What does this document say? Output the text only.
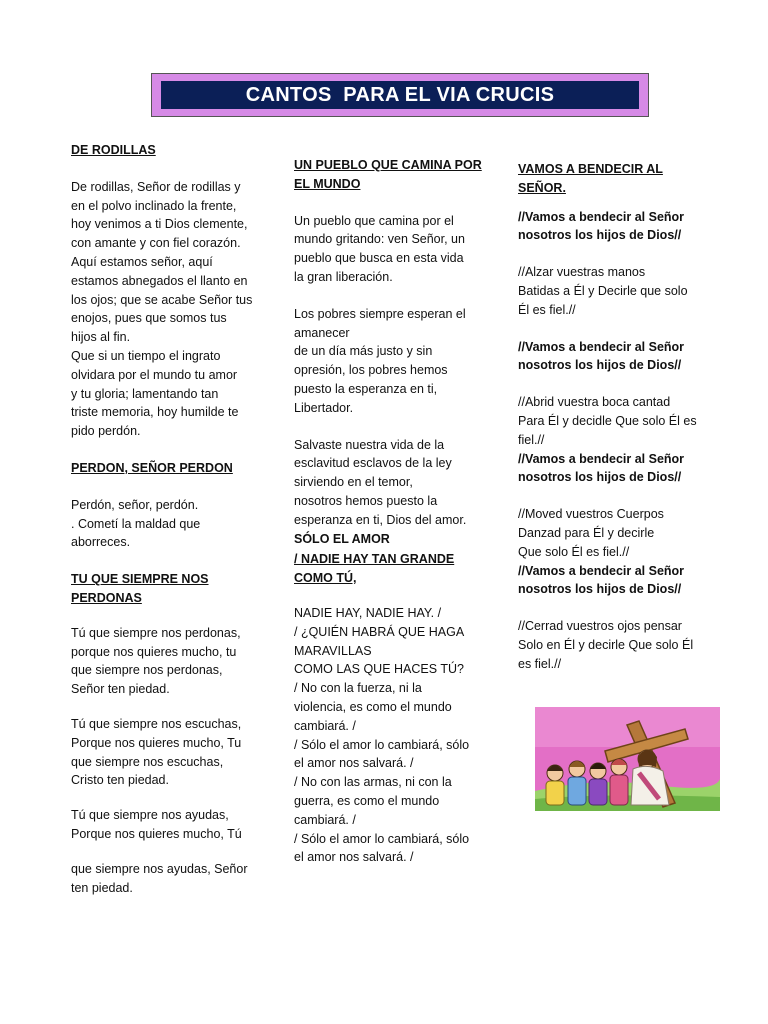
CANTOS  PARA EL VIA CRUCIS

DE RODILLAS

De rodillas, Señor de rodillas y
en el polvo inclinado la frente,
hoy venimos a ti Dios clemente,
con amante y con fiel corazón.
Aquí estamos señor, aquí
estamos abnegados el llanto en
los ojos; que se acabe Señor tus
enojos, pues que somos tus
hijos al fin.
Que si un tiempo el ingrato
olvidara por el mundo tu amor
y tu gloria; lamentando tan
triste memoria, hoy humilde te
pido perdón.

PERDON, SEÑOR PERDON

Perdón, señor, perdón.
. Cometí la maldad que
aborreces.

TU QUE SIEMPRE NOS
PERDONAS

Tú que siempre nos perdonas,
porque nos quieres mucho, tu
que siempre nos perdonas,
Señor ten piedad.

Tú que siempre nos escuchas,
Porque nos quieres mucho, Tu
que siempre nos escuchas,
Cristo ten piedad.

Tú que siempre nos ayudas,
Porque nos quieres mucho, Tú

que siempre nos ayudas, Señor
ten piedad.

UN PUEBLO QUE CAMINA POR
EL MUNDO

Un pueblo que camina por el
mundo gritando: ven Señor, un
pueblo que busca en esta vida
la gran liberación.

Los pobres siempre esperan el
amanecer
de un día más justo y sin
opresión, los pobres hemos
puesto la esperanza en ti,
Libertador.

Salvaste nuestra vida de la
esclavitud esclavos de la ley
sirviendo en el temor,
nosotros hemos puesto la
esperanza en ti, Dios del amor.

SÓLO EL AMOR

/ NADIE HAY TAN GRANDE
COMO TÚ,

NADIE HAY, NADIE HAY. /
/ ¿QUIÉN HABRÁ QUE HAGA
MARAVILLAS
COMO LAS QUE HACES TÚ?
/ No con la fuerza, ni la
violencia, es como el mundo
cambiará. /
/ Sólo el amor lo cambiará, sólo
el amor nos salvará. /
/ No con las armas, ni con la
guerra, es como el mundo
cambiará. /
/ Sólo el amor lo cambiará, sólo
el amor nos salvará. /

VAMOS A BENDECIR AL
SEÑOR.

//Vamos a bendecir al Señor
nosotros los hijos de Dios//

//Alzar vuestras manos
Batidas a Él y Decirle que solo
Él es fiel.//

//Vamos a bendecir al Señor
nosotros los hijos de Dios//

//Abrid vuestra boca cantad
Para Él y decidle Que solo Él es
fiel.//

//Vamos a bendecir al Señor
nosotros los hijos de Dios//

//Moved vuestros Cuerpos
Danzad para Él y decirle
Que solo Él es fiel.//

//Vamos a bendecir al Señor
nosotros los hijos de Dios//

//Cerrad vuestros ojos pensar
Solo en Él y decirle Que solo Él
es fiel.//
